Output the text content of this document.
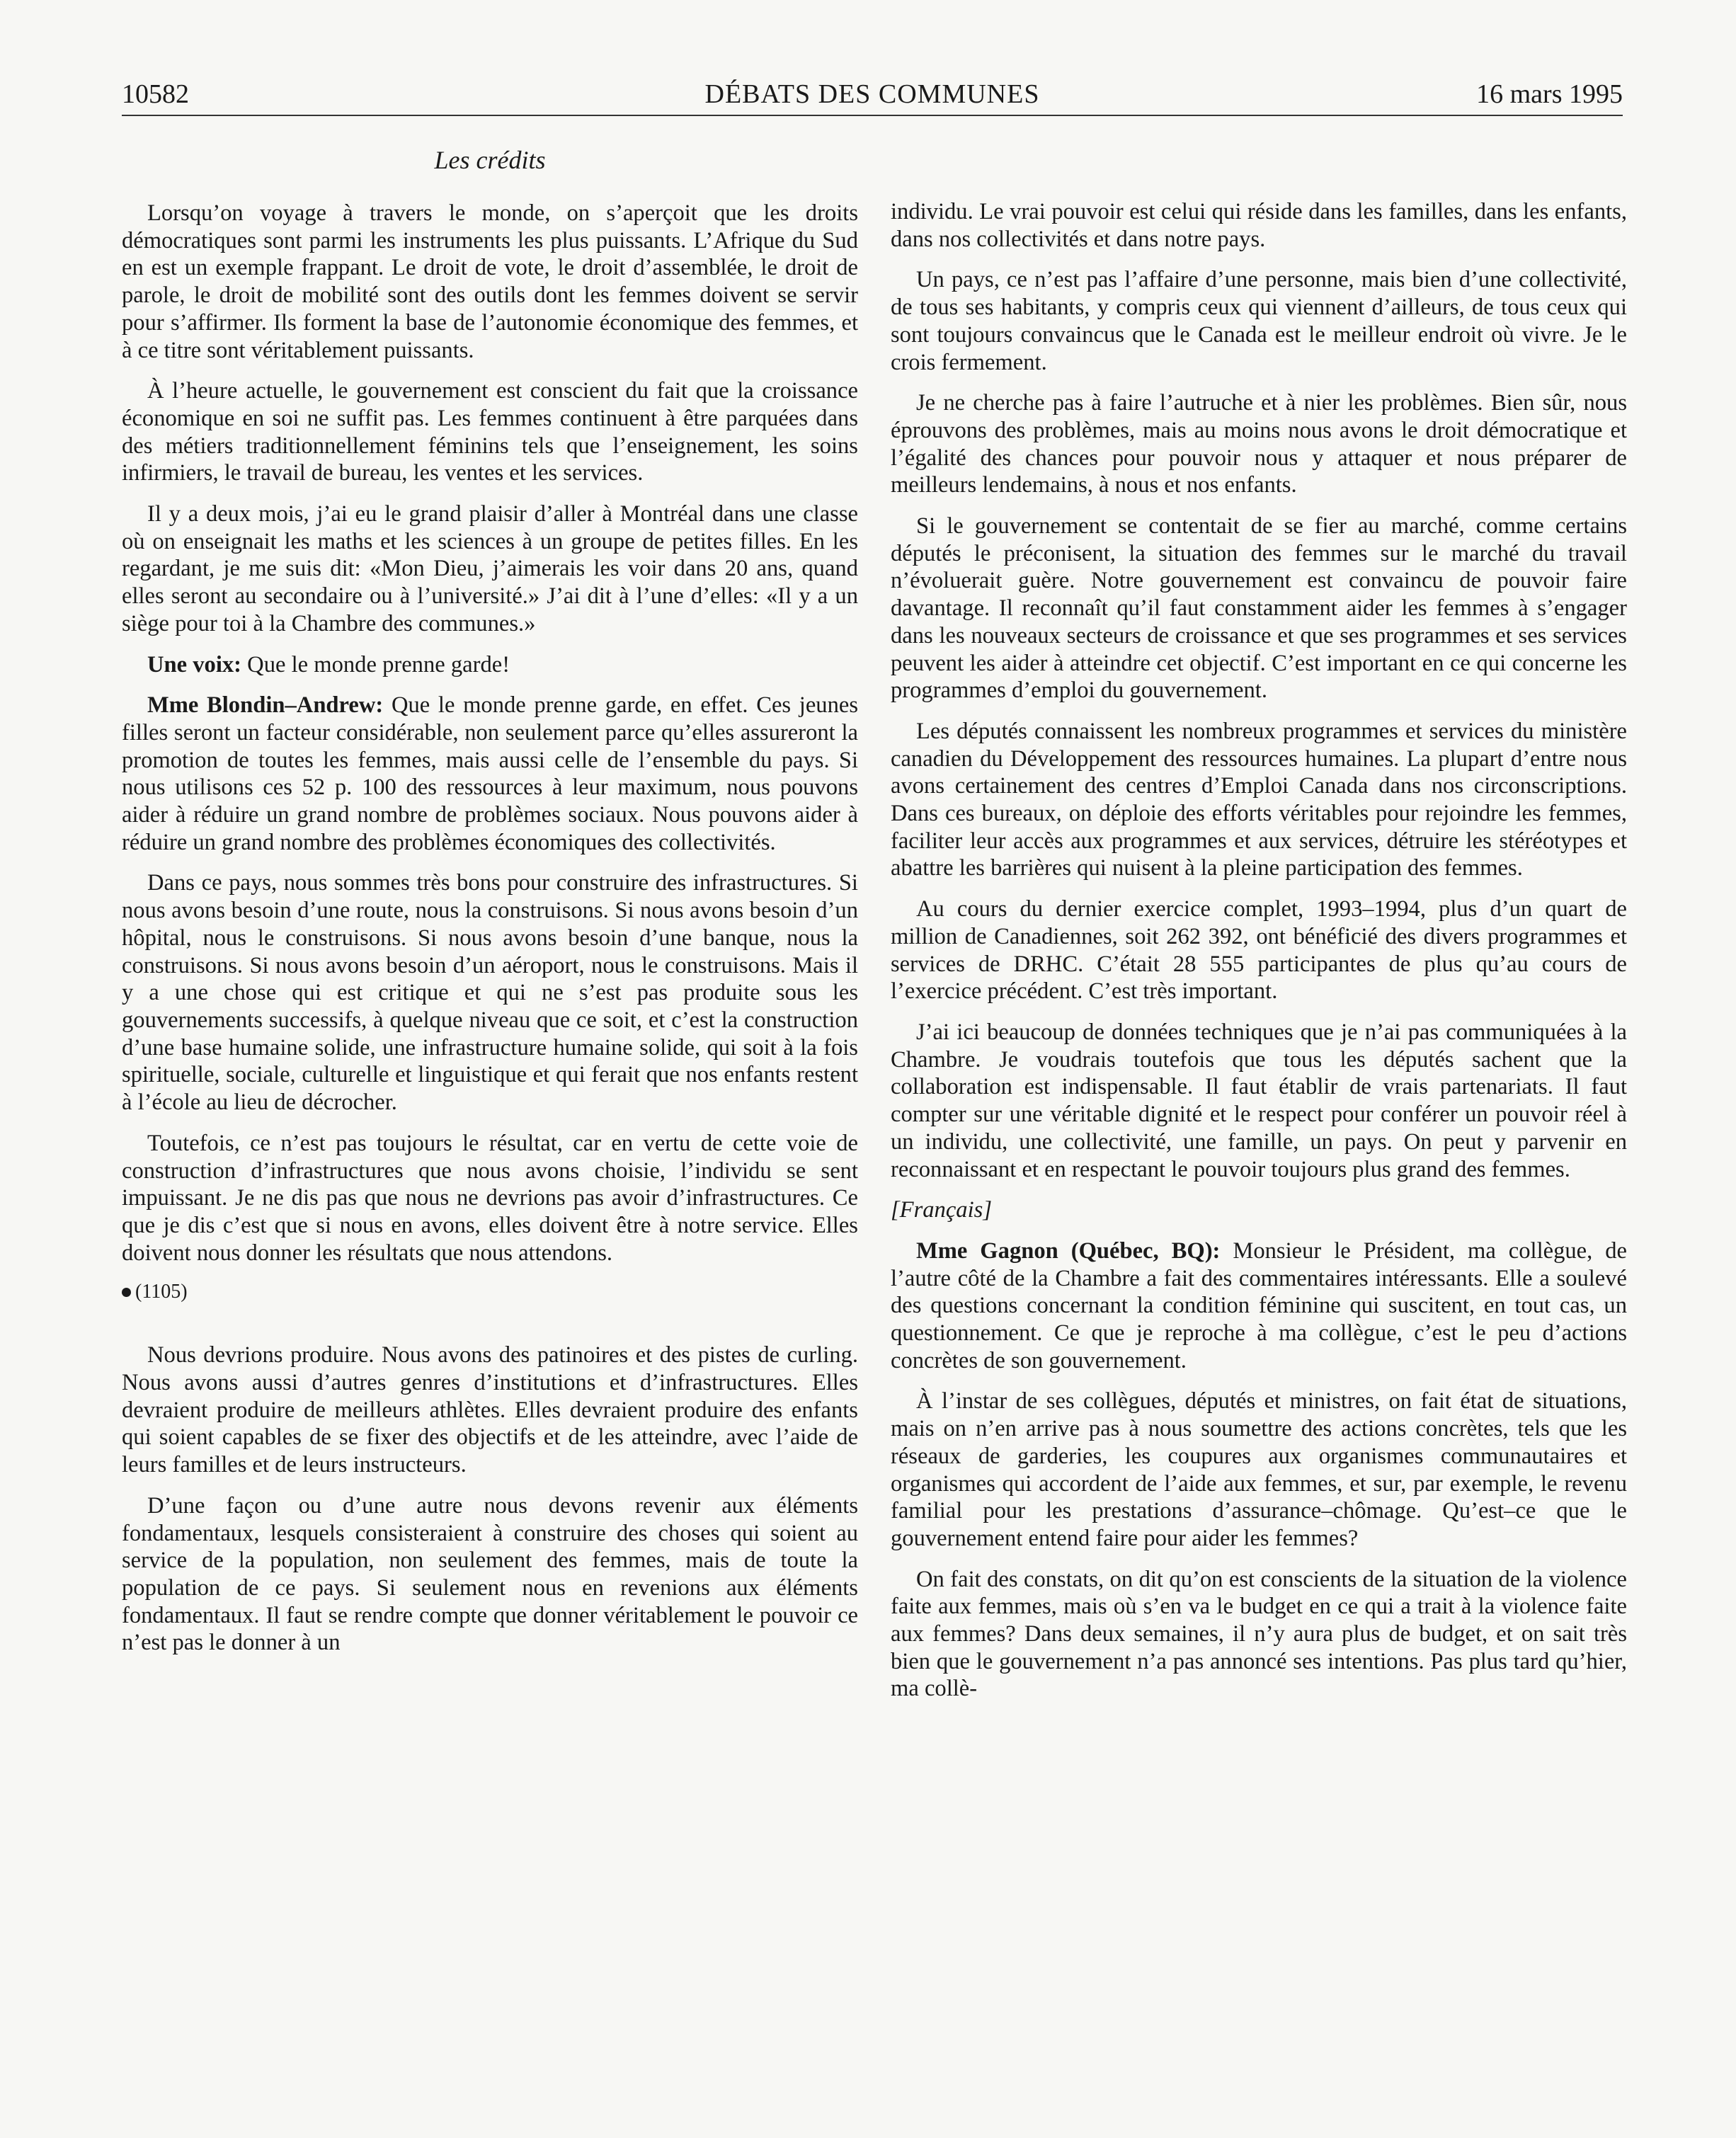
10582	DÉBATS DES COMMUNES	16 mars 1995
Les crédits

Lorsqu’on voyage à travers le monde, on s’aperçoit que les droits démocratiques sont parmi les instruments les plus puissants. L’Afrique du Sud en est un exemple frappant. Le droit de vote, le droit d’assemblée, le droit de parole, le droit de mobilité sont des outils dont les femmes doivent se servir pour s’affirmer. Ils forment la base de l’autonomie économique des femmes, et à ce titre sont véritablement puissants.

À l’heure actuelle, le gouvernement est conscient du fait que la croissance économique en soi ne suffit pas. Les femmes continuent à être parquées dans des métiers traditionnellement féminins tels que l’enseignement, les soins infirmiers, le travail de bureau, les ventes et les services.

Il y a deux mois, j’ai eu le grand plaisir d’aller à Montréal dans une classe où on enseignait les maths et les sciences à un groupe de petites filles. En les regardant, je me suis dit: «Mon Dieu, j’aimerais les voir dans 20 ans, quand elles seront au secondaire ou à l’université.» J’ai dit à l’une d’elles: «Il y a un siège pour toi à la Chambre des communes.»

Une voix: Que le monde prenne garde!

Mme Blondin–Andrew: Que le monde prenne garde, en effet. Ces jeunes filles seront un facteur considérable, non seulement parce qu’elles assureront la promotion de toutes les femmes, mais aussi celle de l’ensemble du pays. Si nous utilisons ces 52 p. 100 des ressources à leur maximum, nous pouvons aider à réduire un grand nombre de problèmes sociaux. Nous pouvons aider à réduire un grand nombre des problèmes économiques des collectivités.

Dans ce pays, nous sommes très bons pour construire des infrastructures. Si nous avons besoin d’une route, nous la construisons. Si nous avons besoin d’un hôpital, nous le construisons. Si nous avons besoin d’une banque, nous la construisons. Si nous avons besoin d’un aéroport, nous le construisons. Mais il y a une chose qui est critique et qui ne s’est pas produite sous les gouvernements successifs, à quelque niveau que ce soit, et c’est la construction d’une base humaine solide, une infrastructure humaine solide, qui soit à la fois spirituelle, sociale, culturelle et linguistique et qui ferait que nos enfants restent à l’école au lieu de décrocher.

Toutefois, ce n’est pas toujours le résultat, car en vertu de cette voie de construction d’infrastructures que nous avons choisie, l’individu se sent impuissant. Je ne dis pas que nous ne devrions pas avoir d’infrastructures. Ce que je dis c’est que si nous en avons, elles doivent être à notre service. Elles doivent nous donner les résultats que nous attendons.

(1105)

Nous devrions produire. Nous avons des patinoires et des pistes de curling. Nous avons aussi d’autres genres d’institutions et d’infrastructures. Elles devraient produire de meilleurs athlètes. Elles devraient produire des enfants qui soient capables de se fixer des objectifs et de les atteindre, avec l’aide de leurs familles et de leurs instructeurs.

D’une façon ou d’une autre nous devons revenir aux éléments fondamentaux, lesquels consisteraient à construire des choses qui soient au service de la population, non seulement des femmes, mais de toute la population de ce pays. Si seulement nous en revenions aux éléments fondamentaux. Il faut se rendre compte que donner véritablement le pouvoir ce n’est pas le donner à un

individu. Le vrai pouvoir est celui qui réside dans les familles, dans les enfants, dans nos collectivités et dans notre pays.

Un pays, ce n’est pas l’affaire d’une personne, mais bien d’une collectivité, de tous ses habitants, y compris ceux qui viennent d’ailleurs, de tous ceux qui sont toujours convaincus que le Canada est le meilleur endroit où vivre. Je le crois fermement.

Je ne cherche pas à faire l’autruche et à nier les problèmes. Bien sûr, nous éprouvons des problèmes, mais au moins nous avons le droit démocratique et l’égalité des chances pour pouvoir nous y attaquer et nous préparer de meilleurs lendemains, à nous et nos enfants.

Si le gouvernement se contentait de se fier au marché, comme certains députés le préconisent, la situation des femmes sur le marché du travail n’évoluerait guère. Notre gouvernement est convaincu de pouvoir faire davantage. Il reconnaît qu’il faut constamment aider les femmes à s’engager dans les nouveaux secteurs de croissance et que ses programmes et ses services peuvent les aider à atteindre cet objectif. C’est important en ce qui concerne les programmes d’emploi du gouvernement.

Les députés connaissent les nombreux programmes et services du ministère canadien du Développement des ressources humaines. La plupart d’entre nous avons certainement des centres d’Emploi Canada dans nos circonscriptions. Dans ces bureaux, on déploie des efforts véritables pour rejoindre les femmes, faciliter leur accès aux programmes et aux services, détruire les stéréotypes et abattre les barrières qui nuisent à la pleine participation des femmes.

Au cours du dernier exercice complet, 1993–1994, plus d’un quart de million de Canadiennes, soit 262 392, ont bénéficié des divers programmes et services de DRHC. C’était 28 555 participantes de plus qu’au cours de l’exercice précédent. C’est très important.

J’ai ici beaucoup de données techniques que je n’ai pas communiquées à la Chambre. Je voudrais toutefois que tous les députés sachent que la collaboration est indispensable. Il faut établir de vrais partenariats. Il faut compter sur une véritable dignité et le respect pour conférer un pouvoir réel à un individu, une collectivité, une famille, un pays. On peut y parvenir en reconnaissant et en respectant le pouvoir toujours plus grand des femmes.

[Français]

Mme Gagnon (Québec, BQ): Monsieur le Président, ma collègue, de l’autre côté de la Chambre a fait des commentaires intéressants. Elle a soulevé des questions concernant la condition féminine qui suscitent, en tout cas, un questionnement. Ce que je reproche à ma collègue, c’est le peu d’actions concrètes de son gouvernement.

À l’instar de ses collègues, députés et ministres, on fait état de situations, mais on n’en arrive pas à nous soumettre des actions concrètes, tels que les réseaux de garderies, les coupures aux organismes communautaires et organismes qui accordent de l’aide aux femmes, et sur, par exemple, le revenu familial pour les prestations d’assurance–chômage. Qu’est–ce que le gouvernement entend faire pour aider les femmes?

On fait des constats, on dit qu’on est conscients de la situation de la violence faite aux femmes, mais où s’en va le budget en ce qui a trait à la violence faite aux femmes? Dans deux semaines, il n’y aura plus de budget, et on sait très bien que le gouvernement n’a pas annoncé ses intentions. Pas plus tard qu’hier, ma collè-
